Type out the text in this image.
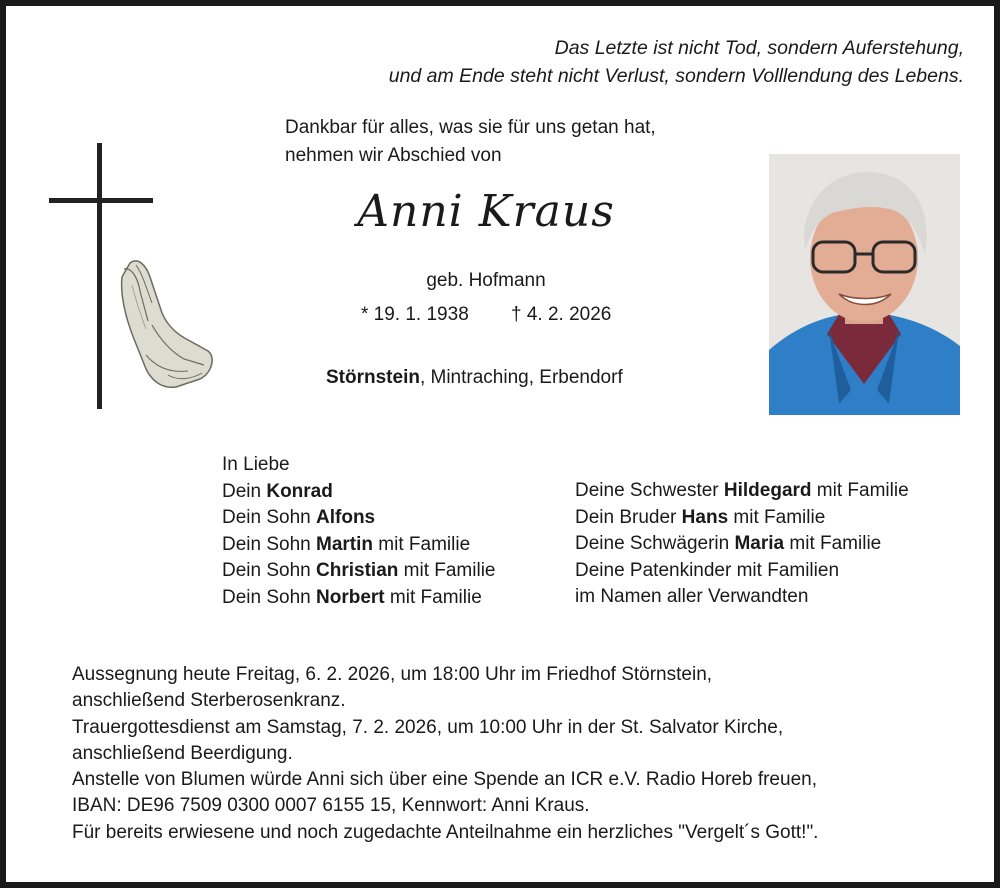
Das Letzte ist nicht Tod, sondern Auferstehung,
und am Ende steht nicht Verlust, sondern Volllendung des Lebens.
Dankbar für alles, was sie für uns getan hat,
nehmen wir Abschied von
Anni Kraus
geb. Hofmann
* 19. 1. 1938 † 4. 2. 2026
Störnstein, Mintraching, Erbendorf
In Liebe
Dein Konrad
Dein Sohn Alfons
Dein Sohn Martin mit Familie
Dein Sohn Christian mit Familie
Dein Sohn Norbert mit Familie
Deine Schwester Hildegard mit Familie
Dein Bruder Hans mit Familie
Deine Schwägerin Maria mit Familie
Deine Patenkinder mit Familien
im Namen aller Verwandten
Aussegnung heute Freitag, 6. 2. 2026, um 18:00 Uhr im Friedhof Störnstein,
anschließend Sterberosenkranz.
Trauergottesdienst am Samstag, 7. 2. 2026, um 10:00 Uhr in der St. Salvator Kirche,
anschließend Beerdigung.
Anstelle von Blumen würde Anni sich über eine Spende an ICR e.V. Radio Horeb freuen,
IBAN: DE96 7509 0300 0007 6155 15, Kennwort: Anni Kraus.
Für bereits erwiesene und noch zugedachte Anteilnahme ein herzliches "Vergelt´s Gott!".
